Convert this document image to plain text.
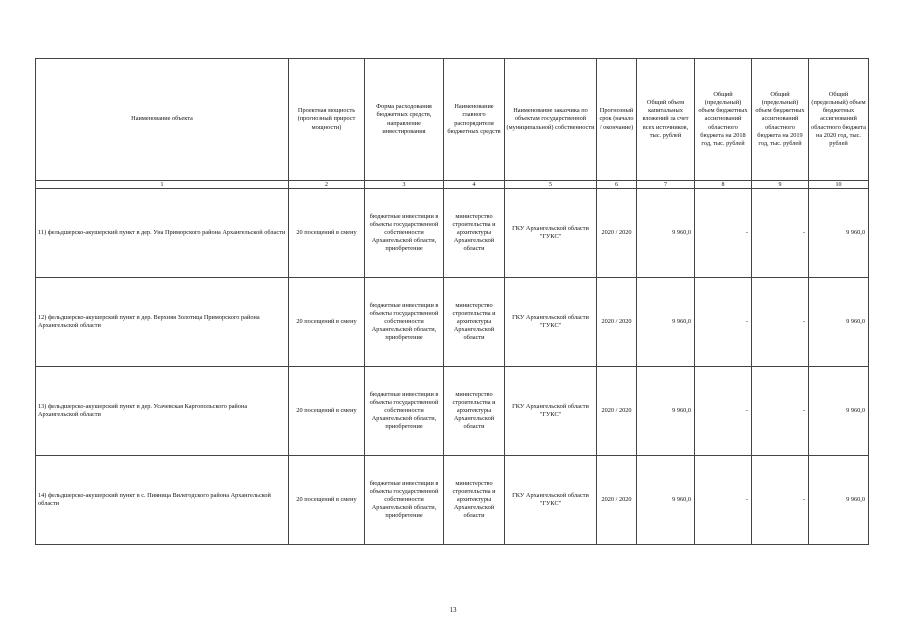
Наименование объекта	Проектная мощность (прогнозный прирост мощности)	Форма расходования бюджетных средств, направление инвестирования	Наименование главного распорядителя бюджетных средств	Наименование заказчика по объектам государственной (муниципальной) собственности	Прогнозный срок (начало / окончание)	Общий объем капитальных вложений за счет всех источников, тыс. рублей	Общий (предельный) объем бюджетных ассигнований областного бюджета на 2018 год, тыс. рублей	Общий (предельный) объем бюджетных ассигнований областного бюджета на 2019 год, тыс. рублей	Общий (предельный) объем бюджетных ассигнований областного бюджета на 2020 год, тыс. рублей
1	2	3	4	5	6	7	8	9	10
11) фельдшерско-акушерский пункт в дер. Уна Приморского района Архангельской области	20 посещений в смену	бюджетные инвестиции в объекты государственной собственности Архангельской области, приобретение	министерство строительства и архитектуры Архангельской области	ГКУ Архангельской области "ГУКС"	2020 / 2020	9 960,0	-	-	9 960,0
12) фельдшерско-акушерский пункт в дер. Верхняя Золотица Приморского района Архангельской области	20 посещений в смену	бюджетные инвестиции в объекты государственной собственности Архангельской области, приобретение	министерство строительства и архитектуры Архангельской области	ГКУ Архангельской области "ГУКС"	2020 / 2020	9 960,0	-	-	9 960,0
13) фельдшерско-акушерский пункт в дер. Усачевская Каргопольского района Архангельской области	20 посещений в смену	бюджетные инвестиции в объекты государственной собственности Архангельской области, приобретение	министерство строительства и архитектуры Архангельской области	ГКУ Архангельской области "ГУКС"	2020 / 2020	9 960,0	-	-	9 960,0
14) фельдшерско-акушерский пункт в с. Пияница Вилегодского района Архангельской области	20 посещений в смену	бюджетные инвестиции в объекты государственной собственности Архангельской области, приобретение	министерство строительства и архитектуры Архангельской области	ГКУ Архангельской области "ГУКС"	2020 / 2020	9 960,0	-	-	9 960,0
13
